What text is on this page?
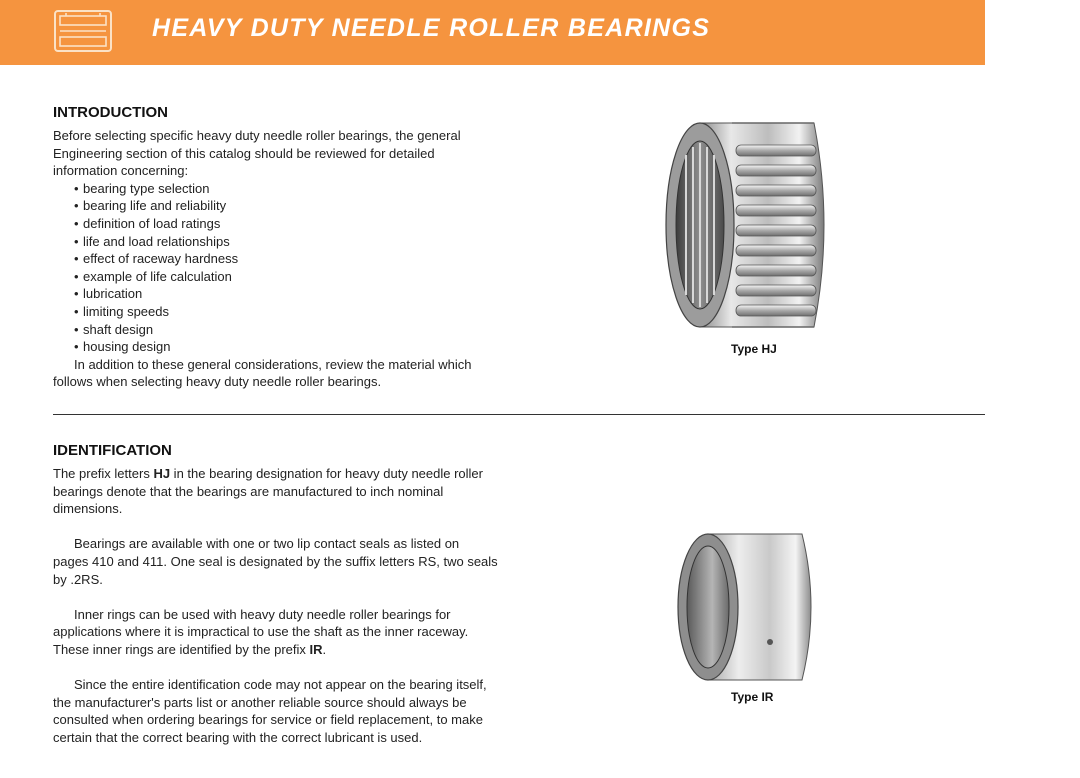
HEAVY DUTY NEEDLE ROLLER BEARINGS
INTRODUCTION

Before selecting specific heavy duty needle roller bearings, the general Engineering section of this catalog should be reviewed for detailed information concerning:

• bearing type selection
• bearing life and reliability
• definition of load ratings
• life and load relationships
• effect of raceway hardness
• example of life calculation
• lubrication
• limiting speeds
• shaft design
• housing design

In addition to these general considerations, review the material which follows when selecting heavy duty needle roller bearings.

Type HJ
IDENTIFICATION

The prefix letters HJ in the bearing designation for heavy duty needle roller bearings denote that the bearings are manufactured to inch nominal dimensions.

Bearings are available with one or two lip contact seals as listed on pages 410 and 411. One seal is designated by the suffix letters RS, two seals by .2RS.

Inner rings can be used with heavy duty needle roller bearings for applications where it is impractical to use the shaft as the inner raceway. These inner rings are identified by the prefix IR.

Since the entire identification code may not appear on the bearing itself, the manufacturer's parts list or another reliable source should always be consulted when ordering bearings for service or field replacement, to make certain that the correct bearing with the correct lubricant is used.

Type IR
